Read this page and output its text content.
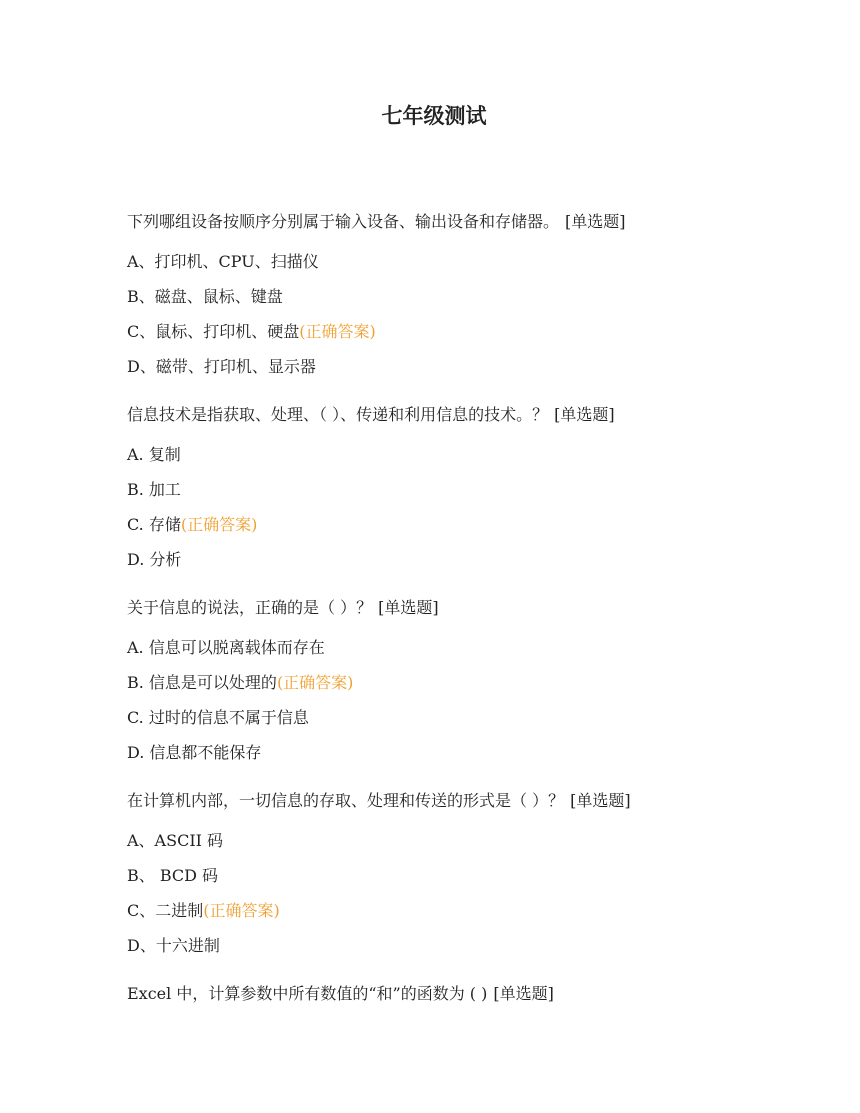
七年级测试
下列哪组设备按顺序分别属于输入设备、输出设备和存储器。 [单选题]
A、打印机、CPU、扫描仪
B、磁盘、鼠标、键盘
C、鼠标、打印机、硬盘(正确答案)
D、磁带、打印机、显示器
信息技术是指获取、处理、（ ）、传递和利用信息的技术。？ [单选题]
A. 复制
B. 加工
C. 存储(正确答案)
D. 分析
关于信息的说法，正确的是（ ）？ [单选题]
A. 信息可以脱离载体而存在
B. 信息是可以处理的(正确答案)
C. 过时的信息不属于信息
D. 信息都不能保存
在计算机内部，一切信息的存取、处理和传送的形式是（ ）？ [单选题]
A、ASCII 码
B、 BCD 码
C、二进制(正确答案)
D、十六进制
Excel 中，计算参数中所有数值的“和”的函数为 ( ) [单选题]
